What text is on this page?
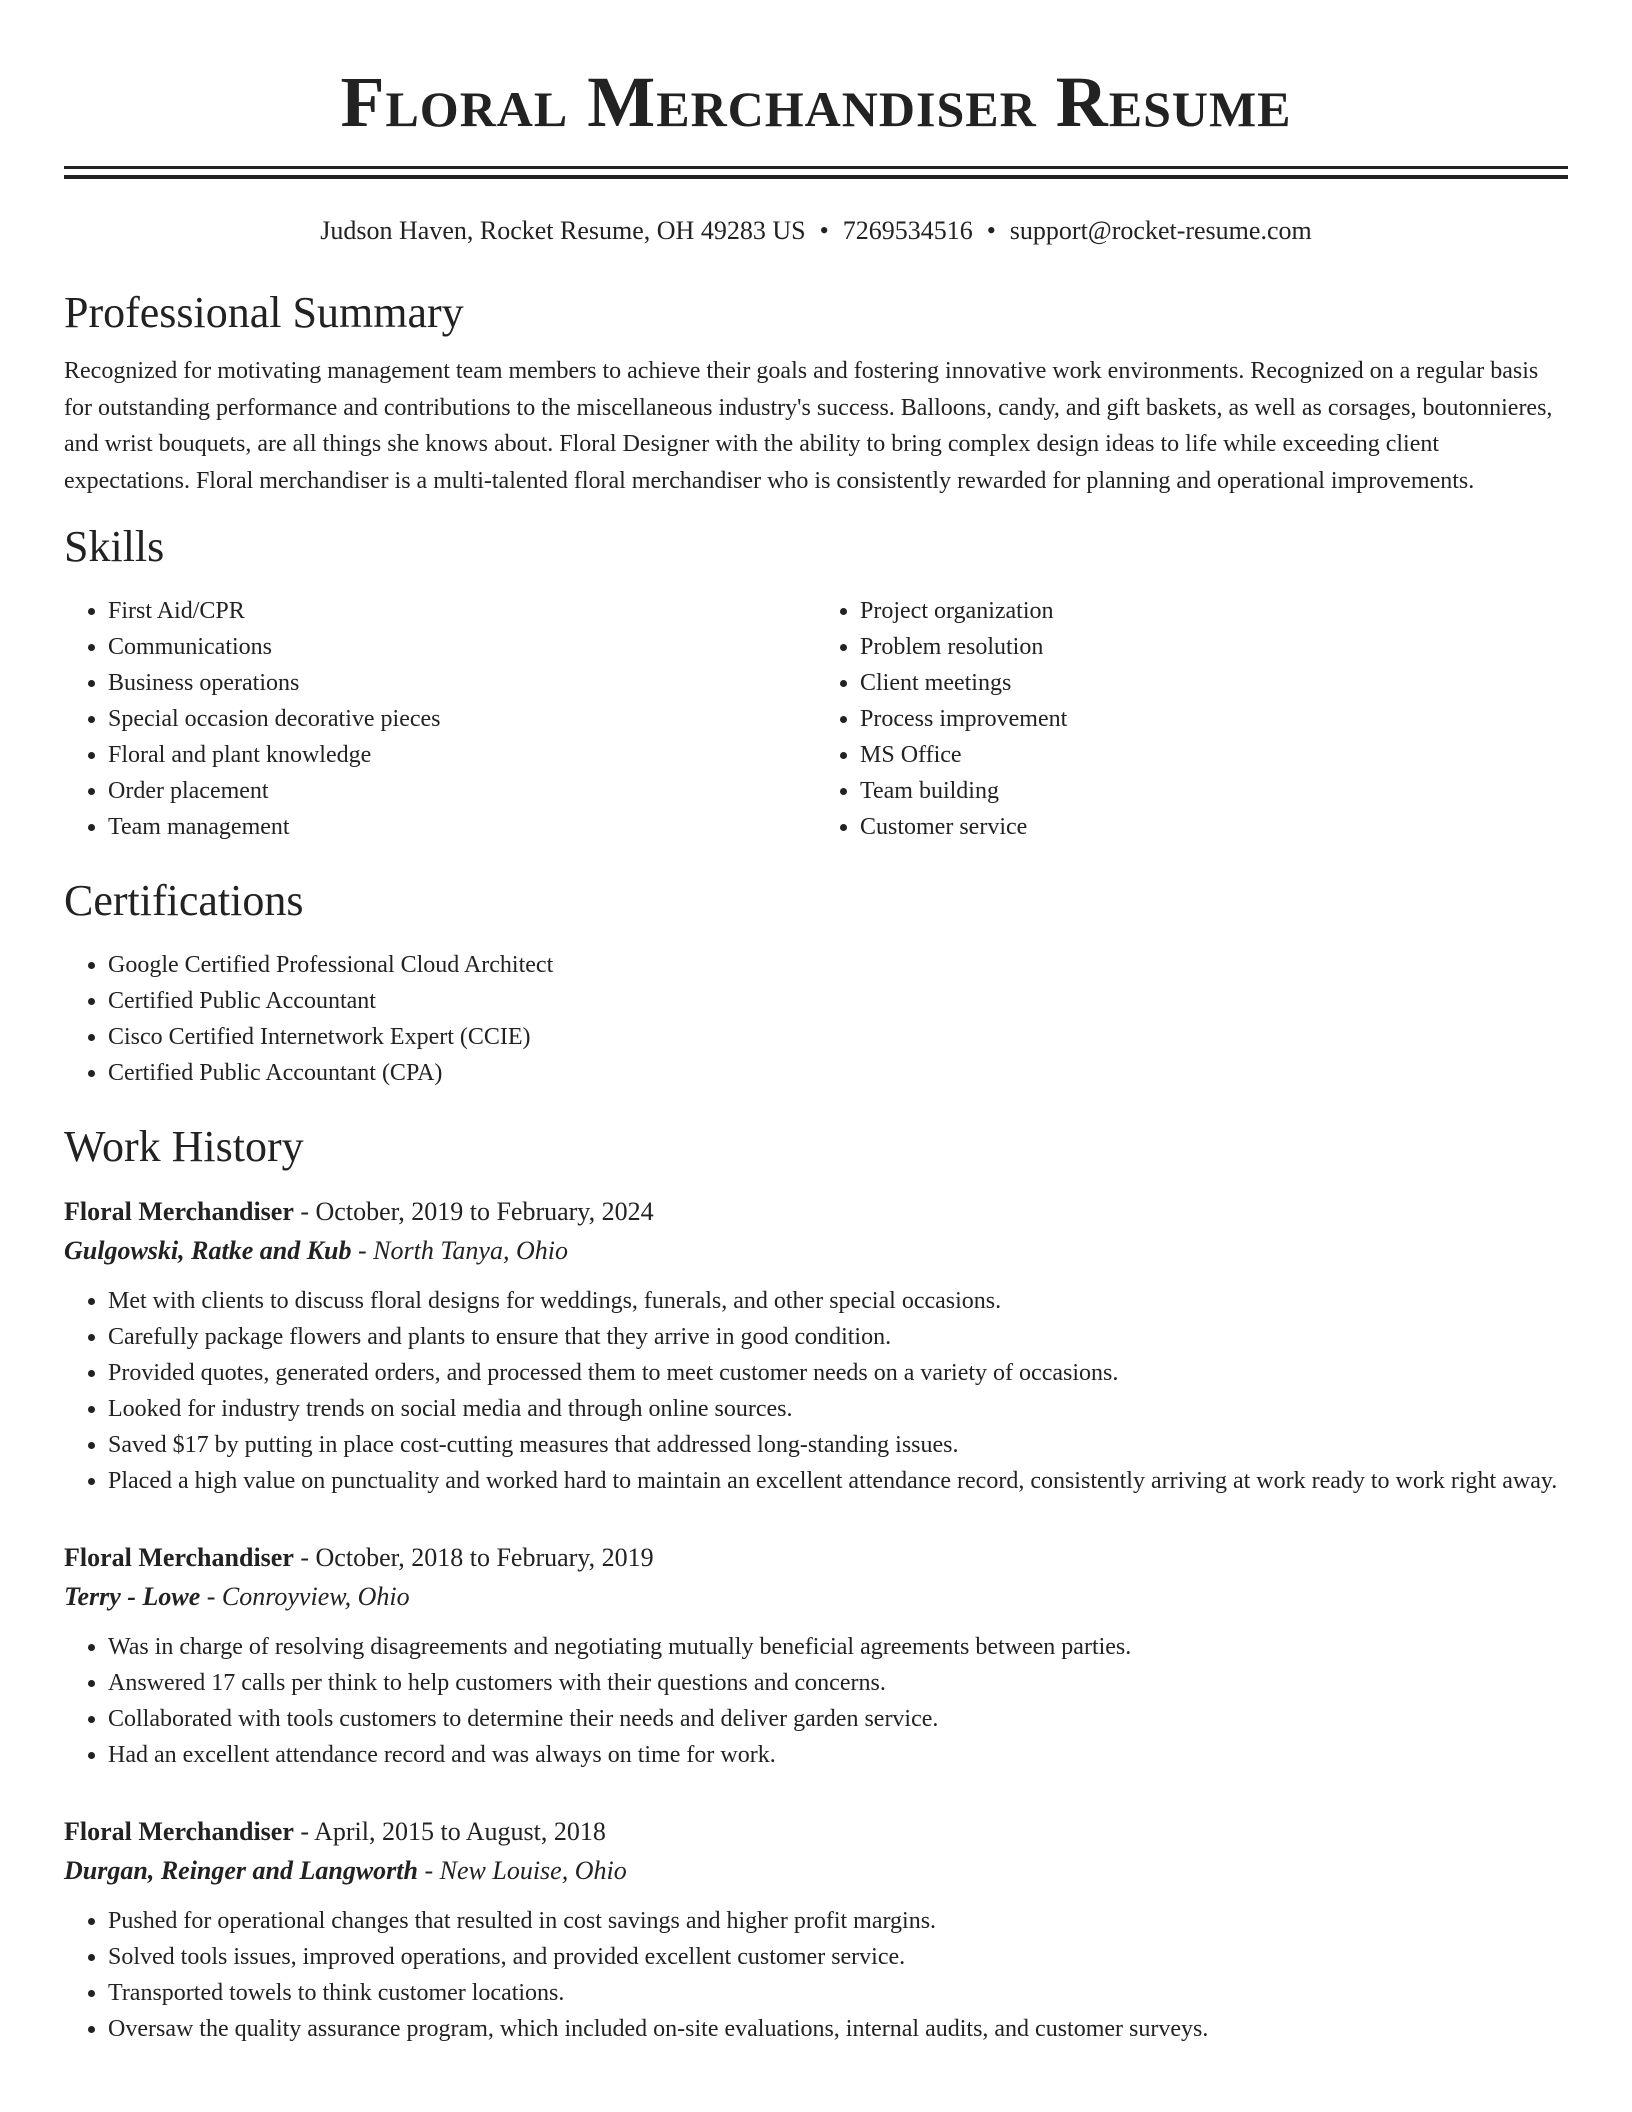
Floral Merchandiser Resume
Judson Haven, Rocket Resume, OH 49283 US • 7269534516 • support@rocket-resume.com
Professional Summary
Recognized for motivating management team members to achieve their goals and fostering innovative work environments. Recognized on a regular basis for outstanding performance and contributions to the miscellaneous industry's success. Balloons, candy, and gift baskets, as well as corsages, boutonnieres, and wrist bouquets, are all things she knows about. Floral Designer with the ability to bring complex design ideas to life while exceeding client expectations. Floral merchandiser is a multi-talented floral merchandiser who is consistently rewarded for planning and operational improvements.
Skills
• First Aid/CPR
• Communications
• Business operations
• Special occasion decorative pieces
• Floral and plant knowledge
• Order placement
• Team management
• Project organization
• Problem resolution
• Client meetings
• Process improvement
• MS Office
• Team building
• Customer service
Certifications
• Google Certified Professional Cloud Architect
• Certified Public Accountant
• Cisco Certified Internetwork Expert (CCIE)
• Certified Public Accountant (CPA)
Work History
Floral Merchandiser - October, 2019 to February, 2024
Gulgowski, Ratke and Kub - North Tanya, Ohio
• Met with clients to discuss floral designs for weddings, funerals, and other special occasions.
• Carefully package flowers and plants to ensure that they arrive in good condition.
• Provided quotes, generated orders, and processed them to meet customer needs on a variety of occasions.
• Looked for industry trends on social media and through online sources.
• Saved $17 by putting in place cost-cutting measures that addressed long-standing issues.
• Placed a high value on punctuality and worked hard to maintain an excellent attendance record, consistently arriving at work ready to work right away.
Floral Merchandiser - October, 2018 to February, 2019
Terry - Lowe - Conroyview, Ohio
• Was in charge of resolving disagreements and negotiating mutually beneficial agreements between parties.
• Answered 17 calls per think to help customers with their questions and concerns.
• Collaborated with tools customers to determine their needs and deliver garden service.
• Had an excellent attendance record and was always on time for work.
Floral Merchandiser - April, 2015 to August, 2018
Durgan, Reinger and Langworth - New Louise, Ohio
• Pushed for operational changes that resulted in cost savings and higher profit margins.
• Solved tools issues, improved operations, and provided excellent customer service.
• Transported towels to think customer locations.
• Oversaw the quality assurance program, which included on-site evaluations, internal audits, and customer surveys.
